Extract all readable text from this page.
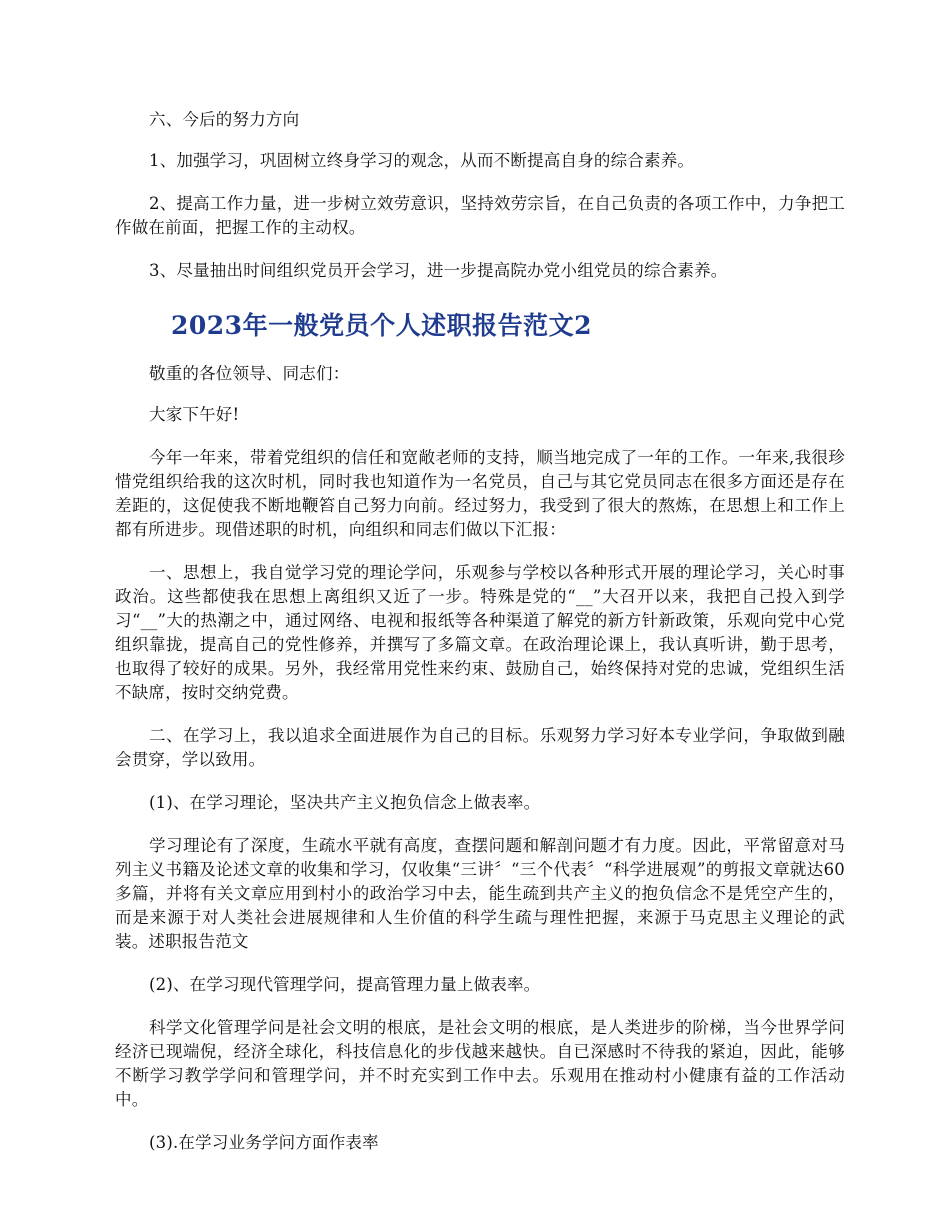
六、今后的努力方向

1、加强学习，巩固树立终身学习的观念，从而不断提高自身的综合素养。

2、提高工作力量，进一步树立效劳意识，坚持效劳宗旨，在自己负责的各项工作中，力争把工作做在前面，把握工作的主动权。

3、尽量抽出时间组织党员开会学习，进一步提高院办党小组党员的综合素养。

2023年一般党员个人述职报告范文2

敬重的各位领导、同志们：

大家下午好!

今年一年来，带着党组织的信任和宽敞老师的支持，顺当地完成了一年的工作。一年来,我很珍惜党组织给我的这次时机，同时我也知道作为一名党员，自己与其它党员同志在很多方面还是存在差距的，这促使我不断地鞭笞自己努力向前。经过努力，我受到了很大的熬炼，在思想上和工作上都有所进步。现借述职的时机，向组织和同志们做以下汇报：

一、思想上，我自觉学习党的理论学问，乐观参与学校以各种形式开展的理论学习，关心时事政治。这些都使我在思想上离组织又近了一步。特殊是党的“__”大召开以来，我把自己投入到学习“__”大的热潮之中，通过网络、电视和报纸等各种渠道了解党的新方针新政策，乐观向党中心党组织靠拢，提高自己的党性修养，并撰写了多篇文章。在政治理论课上，我认真听讲，勤于思考，也取得了较好的成果。另外，我经常用党性来约束、鼓励自己，始终保持对党的忠诚，党组织生活不缺席，按时交纳党费。

二、在学习上，我以追求全面进展作为自己的目标。乐观努力学习好本专业学问，争取做到融会贯穿，学以致用。

(1)、在学习理论，坚决共产主义抱负信念上做表率。

学习理论有了深度，生疏水平就有高度，查摆问题和解剖问题才有力度。因此，平常留意对马列主义书籍及论述文章的收集和学习，仅收集“三讲〞“三个代表〞“科学进展观”的剪报文章就达60多篇，并将有关文章应用到村小的政治学习中去，能生疏到共产主义的抱负信念不是凭空产生的，而是来源于对人类社会进展规律和人生价值的科学生疏与理性把握，来源于马克思主义理论的武装。述职报告范文

(2)、在学习现代管理学问，提高管理力量上做表率。

科学文化管理学问是社会文明的根底，是社会文明的根底，是人类进步的阶梯，当今世界学问经济已现端倪，经济全球化，科技信息化的步伐越来越快。自已深感时不待我的紧迫，因此，能够不断学习教学学问和管理学问，并不时充实到工作中去。乐观用在推动村小健康有益的工作活动中。

(3).在学习业务学问方面作表率
